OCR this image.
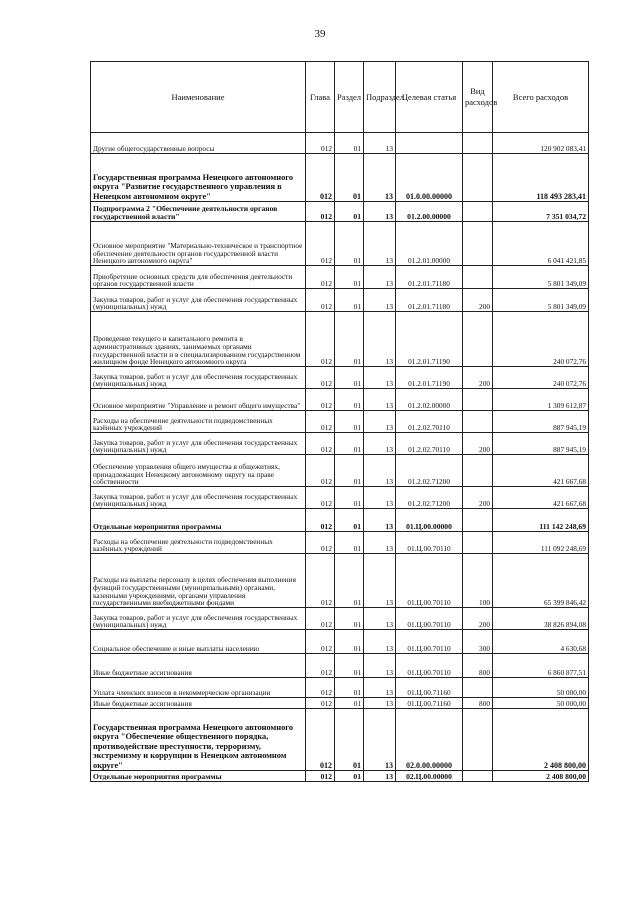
39
Наименование	Глава	Раздел	Подраздел	Целевая статья	Вид расходов	Всего расходов
Другие общегосударственные вопросы	012	01	13			120 902 083,41
Государственная программа Ненецкого автономного округа "Развитие государственного управления в Ненецком автономном округе"	012	01	13	01.0.00.00000		118 493 283,41
Подпрограмма 2 "Обеспечение деятельности органов государственной власти"	012	01	13	01.2.00.00000		7 351 034,72
Основное мероприятие "Материально-техническое и транспортное обеспечение деятельности органов государственной власти Ненецкого автономного округа"	012	01	13	01.2.01.00000		6 041 421,85
Приобретение основных средств для обеспечения деятельности органов государственной власти	012	01	13	01.2.01.71180		5 801 349,09
Закупка товаров, работ и услуг для обеспечения государственных (муниципальных) нужд	012	01	13	01.2.01.71180	200	5 801 349,09
Проведение текущего и капитального ремонта в административных зданиях, занимаемых органами государственной власти и в специализированном государственном жилищном фонде Ненецкого автономного округа	012	01	13	01.2.01.71190		240 072,76
Закупка товаров, работ и услуг для обеспечения государственных (муниципальных) нужд	012	01	13	01.2.01.71190	200	240 072,76
Основное мероприятие "Управление и ремонт общего имущества"	012	01	13	01.2.02.00000		1 309 612,87
Расходы на обеспечение деятельности подведомственных казённых учреждений	012	01	13	01.2.02.70110		887 945,19
Закупка товаров, работ и услуг для обеспечения государственных (муниципальных) нужд	012	01	13	01.2.02.70110	200	887 945,19
Обеспечение управления общего имущества в общежитиях, принадлежащих Ненецкому автономному округу на праве собственности	012	01	13	01.2.02.71200		421 667,68
Закупка товаров, работ и услуг для обеспечения государственных (муниципальных) нужд	012	01	13	01.2.02.71200	200	421 667,68
Отдельные мероприятия программы	012	01	13	01.Ц.00.00000		111 142 248,69
Расходы на обеспечение деятельности подведомственных казённых учреждений	012	01	13	01.Ц.00.70110		111 092 248,69
Расходы на выплаты персоналу в целях обеспечения выполнения функций государственными (муниципальными) органами, казенными учреждениями, органами управления государственными внебюджетными фондами	012	01	13	01.Ц.00.70110	100	65 399 846,42
Закупка товаров, работ и услуг для обеспечения государственных (муниципальных) нужд	012	01	13	01.Ц.00.70110	200	38 826 894,08
Социальное обеспечение и иные выплаты населению	012	01	13	01.Ц.00.70110	300	4 630,68
Иные бюджетные ассигнования	012	01	13	01.Ц.00.70110	800	6 860 877,51
Уплата членских взносов в некоммерческие организации	012	01	13	01.Ц.00.71160		50 000,00
Иные бюджетные ассигнования	012	01	13	01.Ц.00.71160	800	50 000,00
Государственная программа Ненецкого автономного округа "Обеспечение общественного порядка, противодействие преступности, терроризму, экстремизму и коррупции в Ненецком автономном округе"	012	01	13	02.0.00.00000		2 408 800,00
Отдельные мероприятия программы	012	01	13	02.Ц.00.00000		2 408 800,00
